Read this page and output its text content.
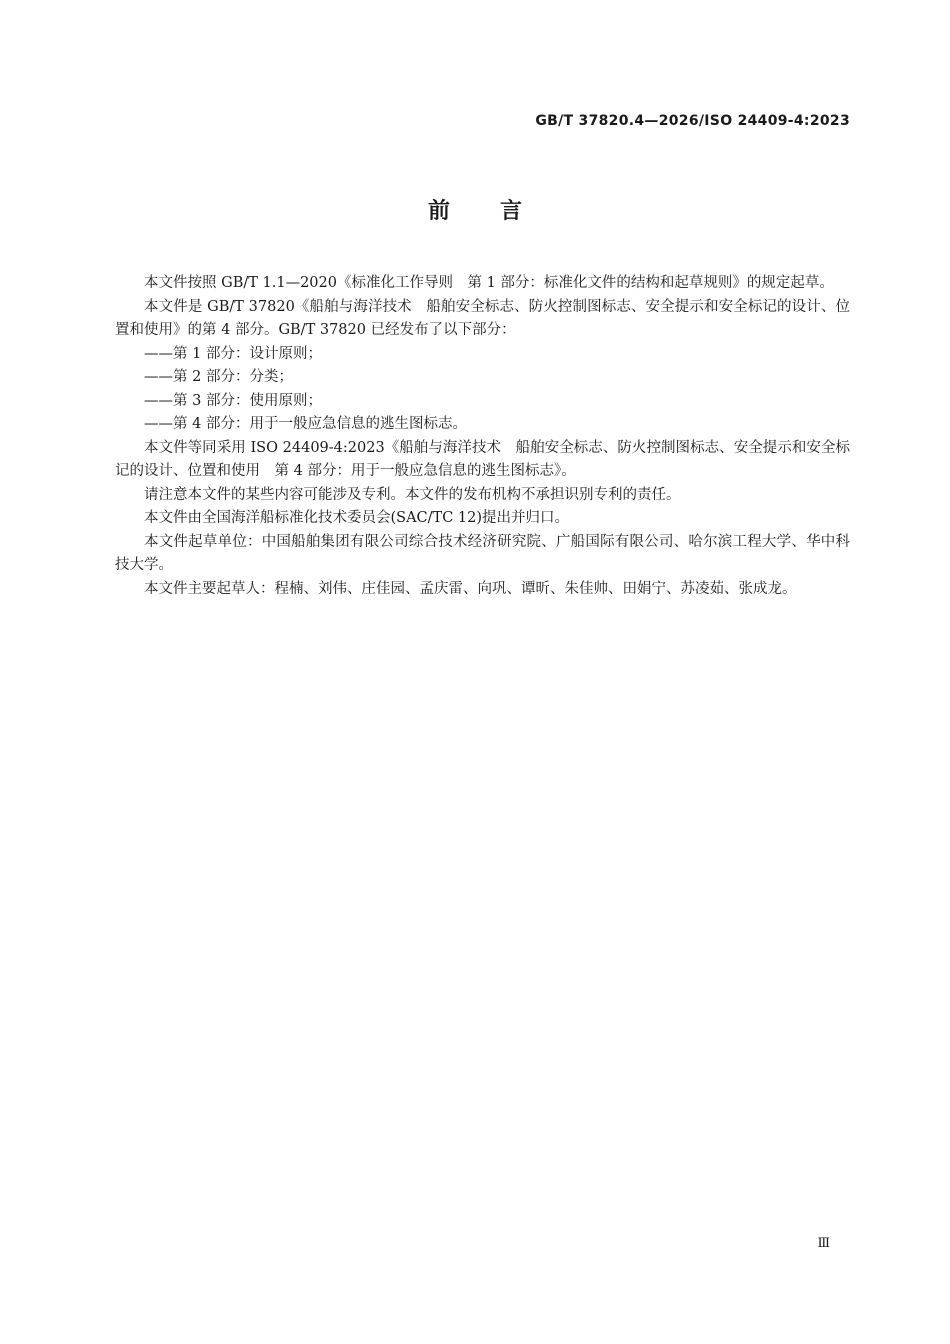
GB/T 37820.4—2026/ISO 24409-4:2023
前言

本文件按照 GB/T 1.1—2020《标准化工作导则　第 1 部分：标准化文件的结构和起草规则》的规定起草。

本文件是 GB/T 37820《船舶与海洋技术　船舶安全标志、防火控制图标志、安全提示和安全标记的设计、位置和使用》的第 4 部分。GB/T 37820 已经发布了以下部分：

——第 1 部分：设计原则；

——第 2 部分：分类；

——第 3 部分：使用原则；

——第 4 部分：用于一般应急信息的逃生图标志。

本文件等同采用 ISO 24409-4:2023《船舶与海洋技术　船舶安全标志、防火控制图标志、安全提示和安全标记的设计、位置和使用　第 4 部分：用于一般应急信息的逃生图标志》。

请注意本文件的某些内容可能涉及专利。本文件的发布机构不承担识别专利的责任。

本文件由全国海洋船标准化技术委员会(SAC/TC 12)提出并归口。

本文件起草单位：中国船舶集团有限公司综合技术经济研究院、广船国际有限公司、哈尔滨工程大学、华中科技大学。

本文件主要起草人：程楠、刘伟、庄佳园、孟庆雷、向巩、谭昕、朱佳帅、田娟宁、苏凌茹、张成龙。

Ⅲ
